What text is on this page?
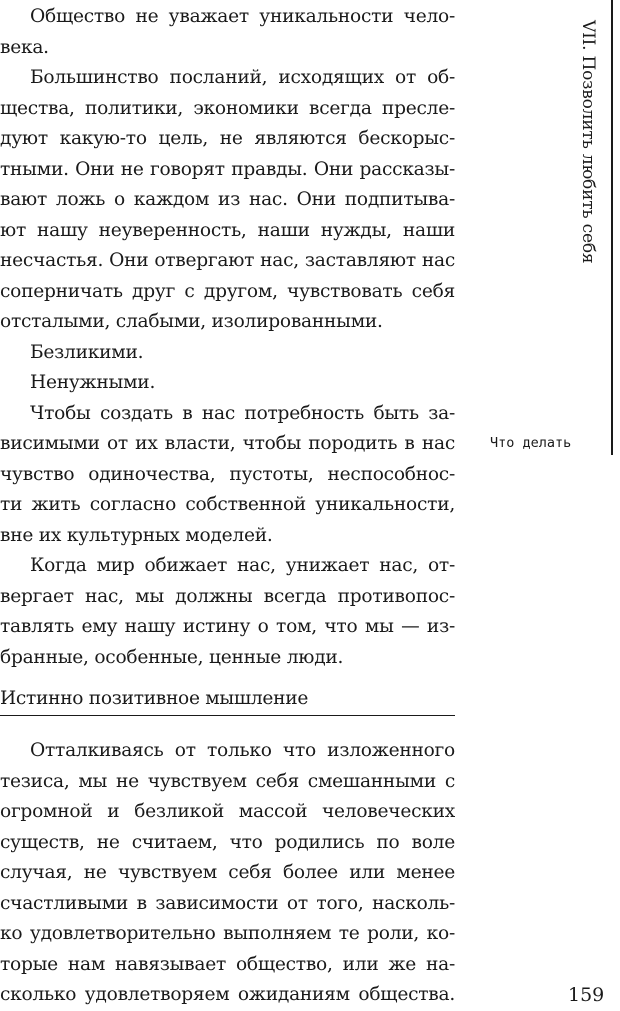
Общество не уважает уникальности чело-
века.
Большинство посланий, исходящих от об-
щества, политики, экономики всегда пресле-
дуют какую-то цель, не являются бескорыс-
тными. Они не говорят правды. Они рассказы-
вают ложь о каждом из нас. Они подпитыва-
ют нашу неуверенность, наши нужды, наши
несчастья. Они отвергают нас, заставляют нас
соперничать друг с другом, чувствовать себя
отсталыми, слабыми, изолированными.
Безликими.
Ненужными.
Чтобы создать в нас потребность быть за-
висимыми от их власти, чтобы породить в нас
чувство одиночества, пустоты, неспособнос-
ти жить согласно собственной уникальности,
вне их культурных моделей.
Когда мир обижает нас, унижает нас, от-
вергает нас, мы должны всегда противопос-
тавлять ему нашу истину о том, что мы — из-
бранные, особенные, ценные люди.
Истинно позитивное мышление
Отталкиваясь от только что изложенного
тезиса, мы не чувствуем себя смешанными с
огромной и безликой массой человеческих
существ, не считаем, что родились по воле
случая, не чувствуем себя более или менее
счастливыми в зависимости от того, насколь-
ко удовлетворительно выполняем те роли, ко-
торые нам навязывает общество, или же на-
сколько удовлетворяем ожиданиям общества.
VII. Позволить любить себя
Что делать
159
